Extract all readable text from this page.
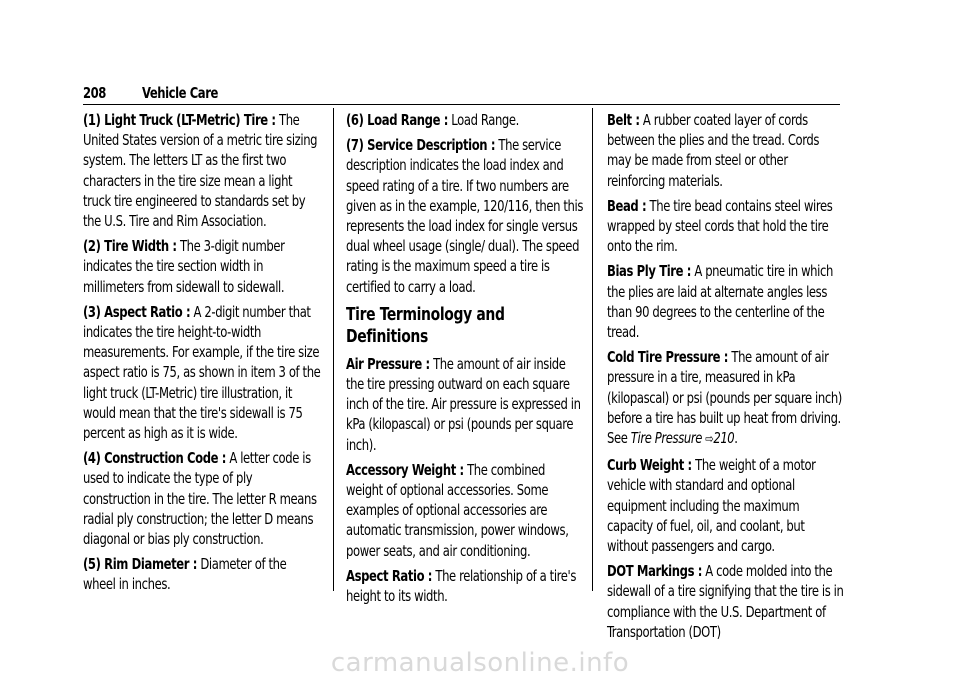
208 Vehicle Care

(1) Light Truck (LT-Metric) Tire : The United States version of a metric tire sizing system. The letters LT as the first two characters in the tire size mean a light truck tire engineered to standards set by the U.S. Tire and Rim Association.

(2) Tire Width : The 3-digit number indicates the tire section width in millimeters from sidewall to sidewall.

(3) Aspect Ratio : A 2-digit number that indicates the tire height-to-width measurements. For example, if the tire size aspect ratio is 75, as shown in item 3 of the light truck (LT-Metric) tire illustration, it would mean that the tire's sidewall is 75 percent as high as it is wide.

(4) Construction Code : A letter code is used to indicate the type of ply construction in the tire. The letter R means radial ply construction; the letter D means diagonal or bias ply construction.

(5) Rim Diameter : Diameter of the wheel in inches.

(6) Load Range : Load Range.

(7) Service Description : The service description indicates the load index and speed rating of a tire. If two numbers are given as in the example, 120/116, then this represents the load index for single versus dual wheel usage (single/ dual). The speed rating is the maximum speed a tire is certified to carry a load.

Tire Terminology and Definitions

Air Pressure : The amount of air inside the tire pressing outward on each square inch of the tire. Air pressure is expressed in kPa (kilopascal) or psi (pounds per square inch).

Accessory Weight : The combined weight of optional accessories. Some examples of optional accessories are automatic transmission, power windows, power seats, and air conditioning.

Aspect Ratio : The relationship of a tire's height to its width.

Belt : A rubber coated layer of cords between the plies and the tread. Cords may be made from steel or other reinforcing materials.

Bead : The tire bead contains steel wires wrapped by steel cords that hold the tire onto the rim.

Bias Ply Tire : A pneumatic tire in which the plies are laid at alternate angles less than 90 degrees to the centerline of the tread.

Cold Tire Pressure : The amount of air pressure in a tire, measured in kPa (kilopascal) or psi (pounds per square inch) before a tire has built up heat from driving. See Tire Pressure ⇨210.

Curb Weight : The weight of a motor vehicle with standard and optional equipment including the maximum capacity of fuel, oil, and coolant, but without passengers and cargo.

DOT Markings : A code molded into the sidewall of a tire signifying that the tire is in compliance with the U.S. Department of Transportation (DOT)

carmanualsonline.info
